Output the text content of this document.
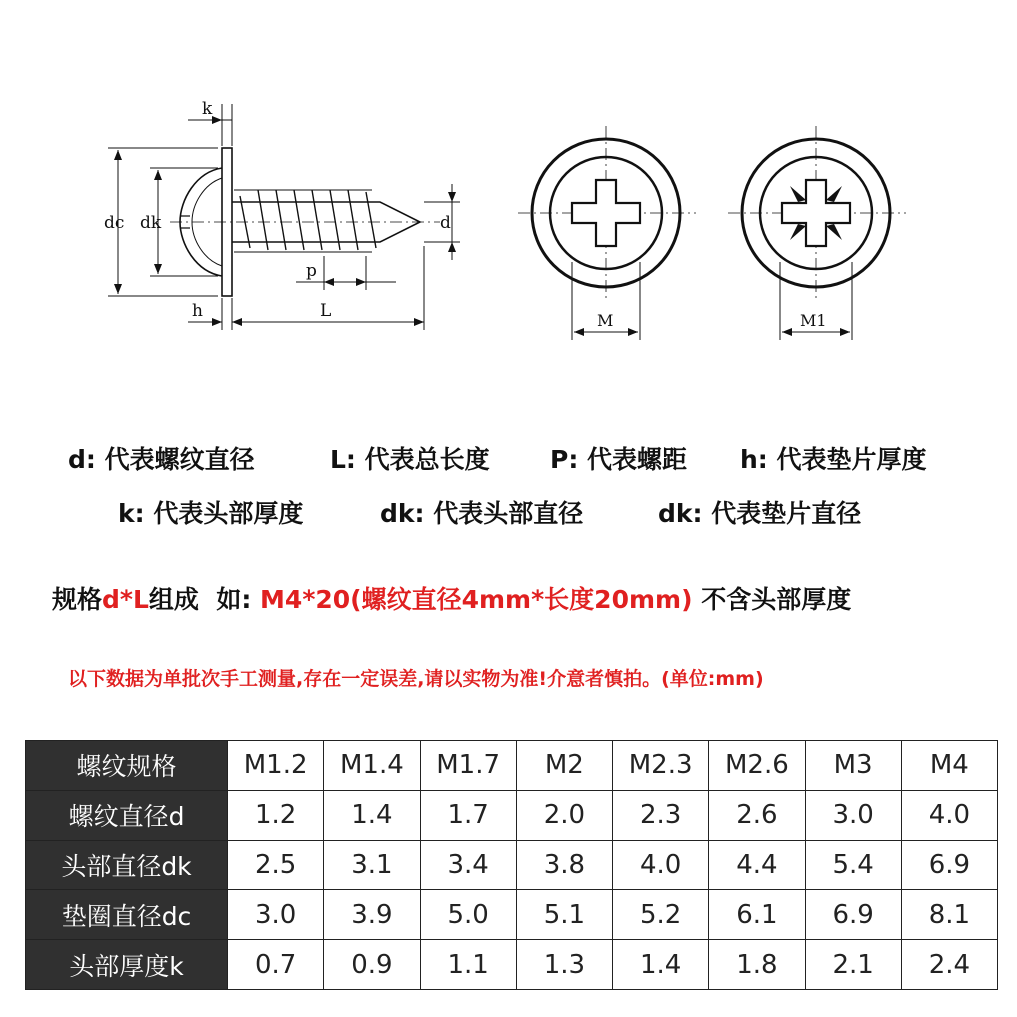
k
dc dk	d
p
h	L	M	M1
d: 代表螺纹直径	L: 代表总长度 P: 代表螺距 h: 代表垫片厚度
k: 代表头部厚度	dk: 代表头部直径	dk: 代表垫片直径
规格d*L组成  如: M4*20(螺纹直径4mm*长度20mm) 不含头部厚度
以下数据为单批次手工测量,存在一定误差,请以实物为准!介意者慎拍。(单位:mm)
螺纹规格	M1.2	M1.4	M1.7	M2	M2.3	M2.6	M3	M4
螺纹直径d	1.2	1.4	1.7	2.0	2.3	2.6	3.0	4.0
头部直径dk	2.5	3.1	3.4	3.8	4.0	4.4	5.4	6.9
垫圈直径dc	3.0	3.9	5.0	5.1	5.2	6.1	6.9	8.1
头部厚度k	0.7	0.9	1.1	1.3	1.4	1.8	2.1	2.4
